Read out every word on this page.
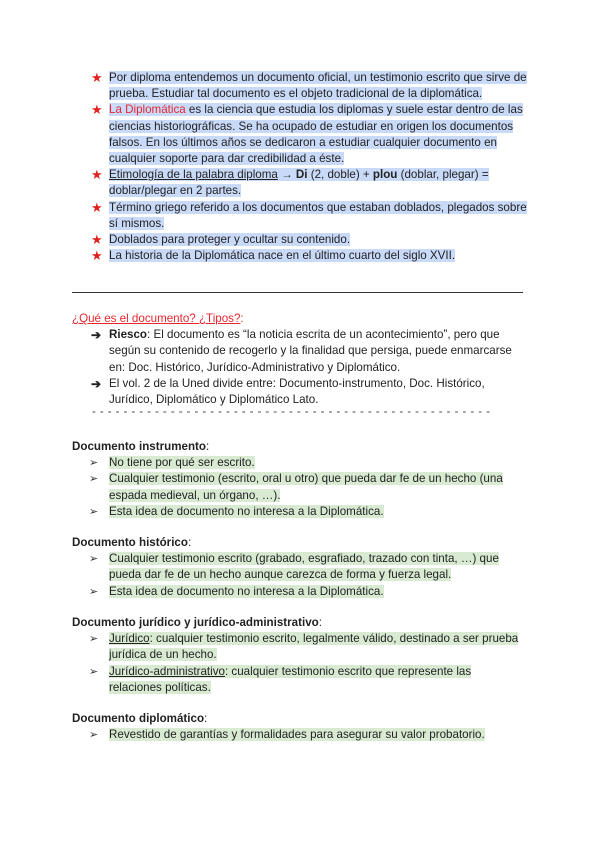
★ Por diploma entendemos un documento oficial, un testimonio escrito que sirve de prueba. Estudiar tal documento es el objeto tradicional de la diplomática.
★ La Diplomática es la ciencia que estudia los diplomas y suele estar dentro de las ciencias historiográficas. Se ha ocupado de estudiar en origen los documentos falsos. En los últimos años se dedicaron a estudiar cualquier documento en cualquier soporte para dar credibilidad a éste.
★ Etimología de la palabra diploma → Di (2, doble) + plou (doblar, plegar) = doblar/plegar en 2 partes.
★ Término griego referido a los documentos que estaban doblados, plegados sobre sí mismos.
★ Doblados para proteger y ocultar su contenido.
★ La historia de la Diplomática nace en el último cuarto del siglo XVII.
¿Qué es el documento? ¿Tipos?:
➔ Riesco: El documento es “la noticia escrita de un acontecimiento”, pero que según su contenido de recogerlo y la finalidad que persiga, puede enmarcarse en: Doc. Histórico, Jurídico-Administrativo y Diplomático.
➔ El vol. 2 de la Uned divide entre: Documento-instrumento, Doc. Histórico, Jurídico, Diplomático y Diplomático Lato.
- - - - - - - - - - - - - - - - - - - - - - - - - - - - - - - - - - - - - - - - - - - - - - - - - - -
Documento instrumento:
➢ No tiene por qué ser escrito.
➢ Cualquier testimonio (escrito, oral u otro) que pueda dar fe de un hecho (una espada medieval, un órgano, …).
➢ Esta idea de documento no interesa a la Diplomática.
Documento histórico:
➢ Cualquier testimonio escrito (grabado, esgrafiado, trazado con tinta, …) que pueda dar fe de un hecho aunque carezca de forma y fuerza legal.
➢ Esta idea de documento no interesa a la Diplomática.
Documento jurídico y jurídico-administrativo:
➢ Jurídico: cualquier testimonio escrito, legalmente válido, destinado a ser prueba jurídica de un hecho.
➢ Jurídico-administrativo: cualquier testimonio escrito que represente las relaciones políticas.
Documento diplomático:
➢ Revestido de garantías y formalidades para asegurar su valor probatorio.
